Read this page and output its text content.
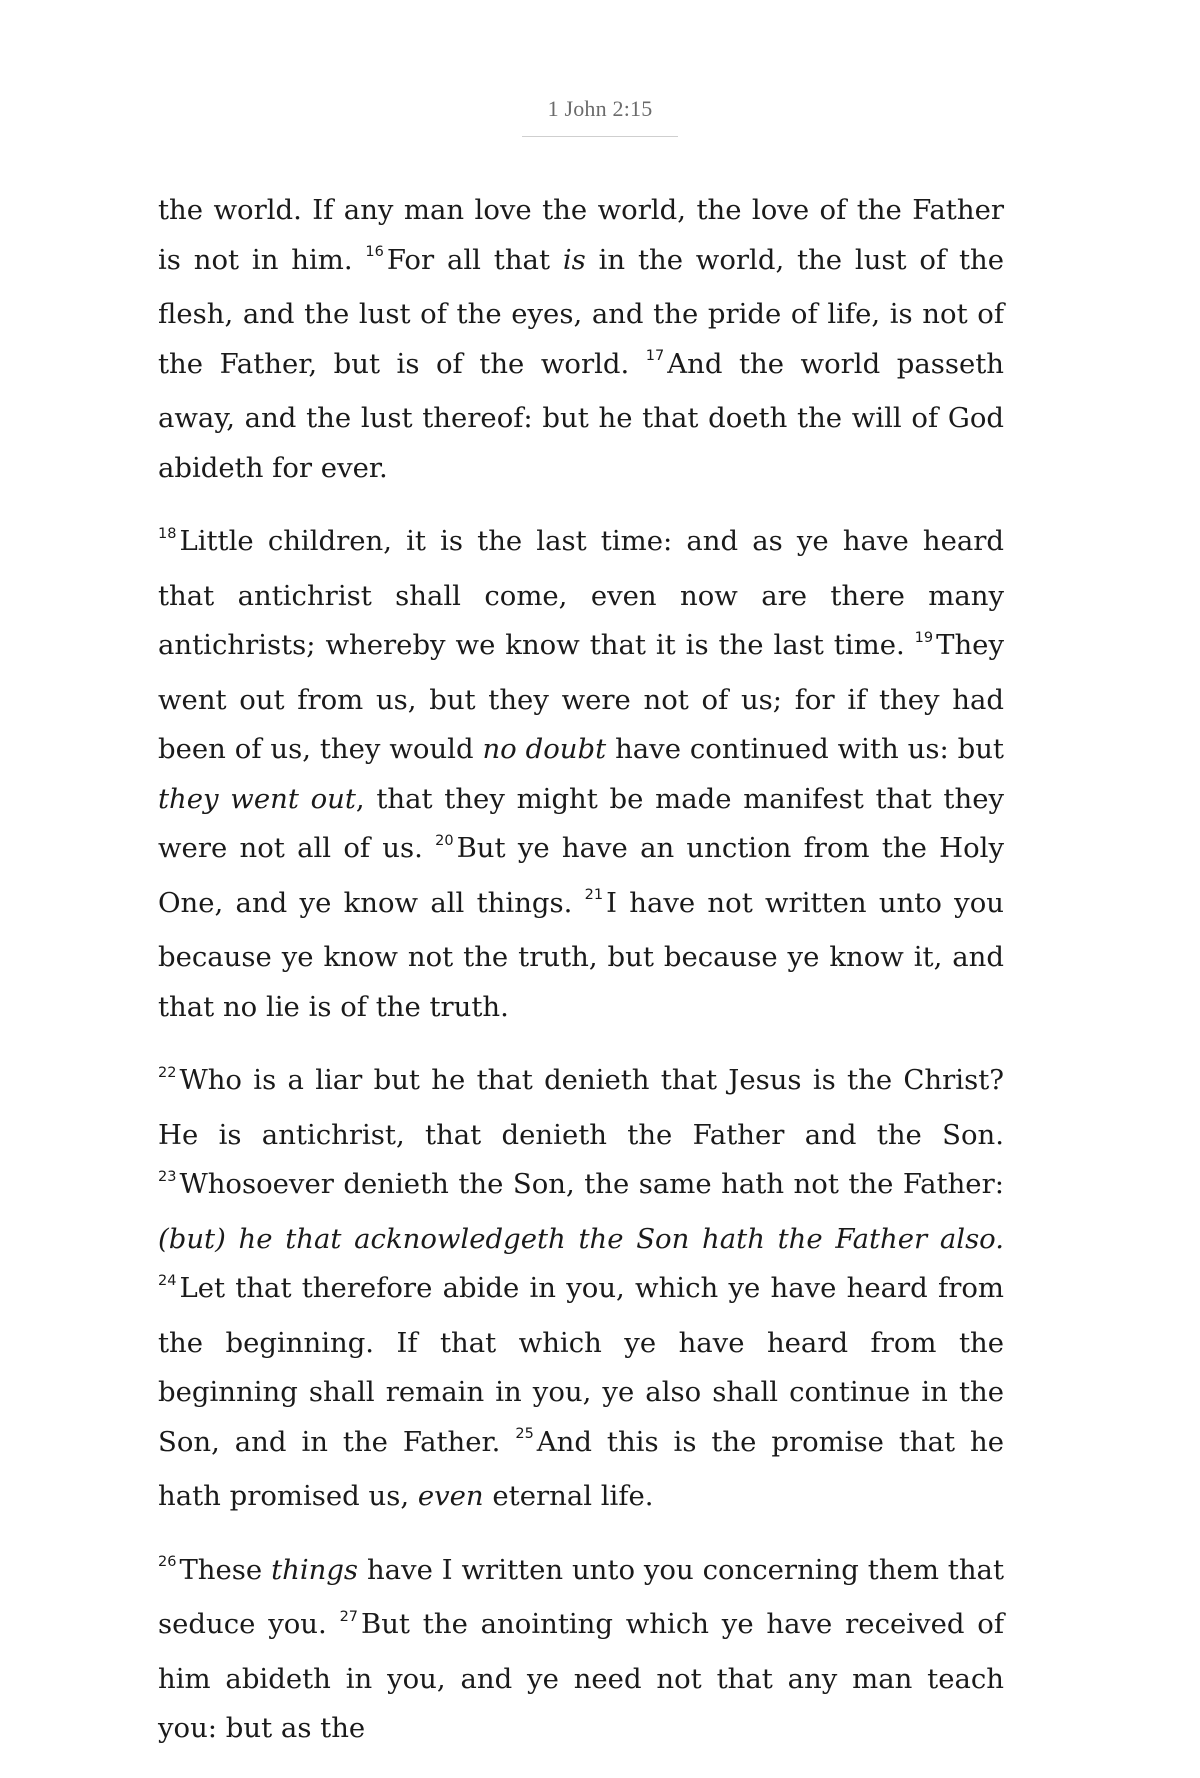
1 John 2:15

the world. If any man love the world, the love of the Father is not in him. $^{16}$ For all that is in the world, the lust of the flesh, and the lust of the eyes, and the pride of life, is not of the Father, but is of the world. $^{17}$ And the world passeth away, and the lust thereof: but he that doeth the will of God abideth for ever.

$^{18}$ Little children, it is the last time: and as ye have heard that antichrist shall come, even now are there many antichrists; whereby we know that it is the last time. $^{19}$ They went out from us, but they were not of us; for if they had been of us, they would no doubt have continued with us: but they went out, that they might be made manifest that they were not all of us. $^{20}$ But ye have an unction from the Holy One, and ye know all things. $^{21}$ I have not written unto you because ye know not the truth, but because ye know it, and that no lie is of the truth.

$^{22}$ Who is a liar but he that denieth that Jesus is the Christ? He is antichrist, that denieth the Father and the Son. $^{23}$ Whosoever denieth the Son, the same hath not the Father: (but) he that acknowledgeth the Son hath the Father also. $^{24}$ Let that therefore abide in you, which ye have heard from the beginning. If that which ye have heard from the beginning shall remain in you, ye also shall continue in the Son, and in the Father. $^{25}$ And this is the promise that he hath promised us, even eternal life.

$^{26}$ These things have I written unto you concerning them that seduce you. $^{27}$ But the anointing which ye have received of him abideth in you, and ye need not that any man teach you: but as the
